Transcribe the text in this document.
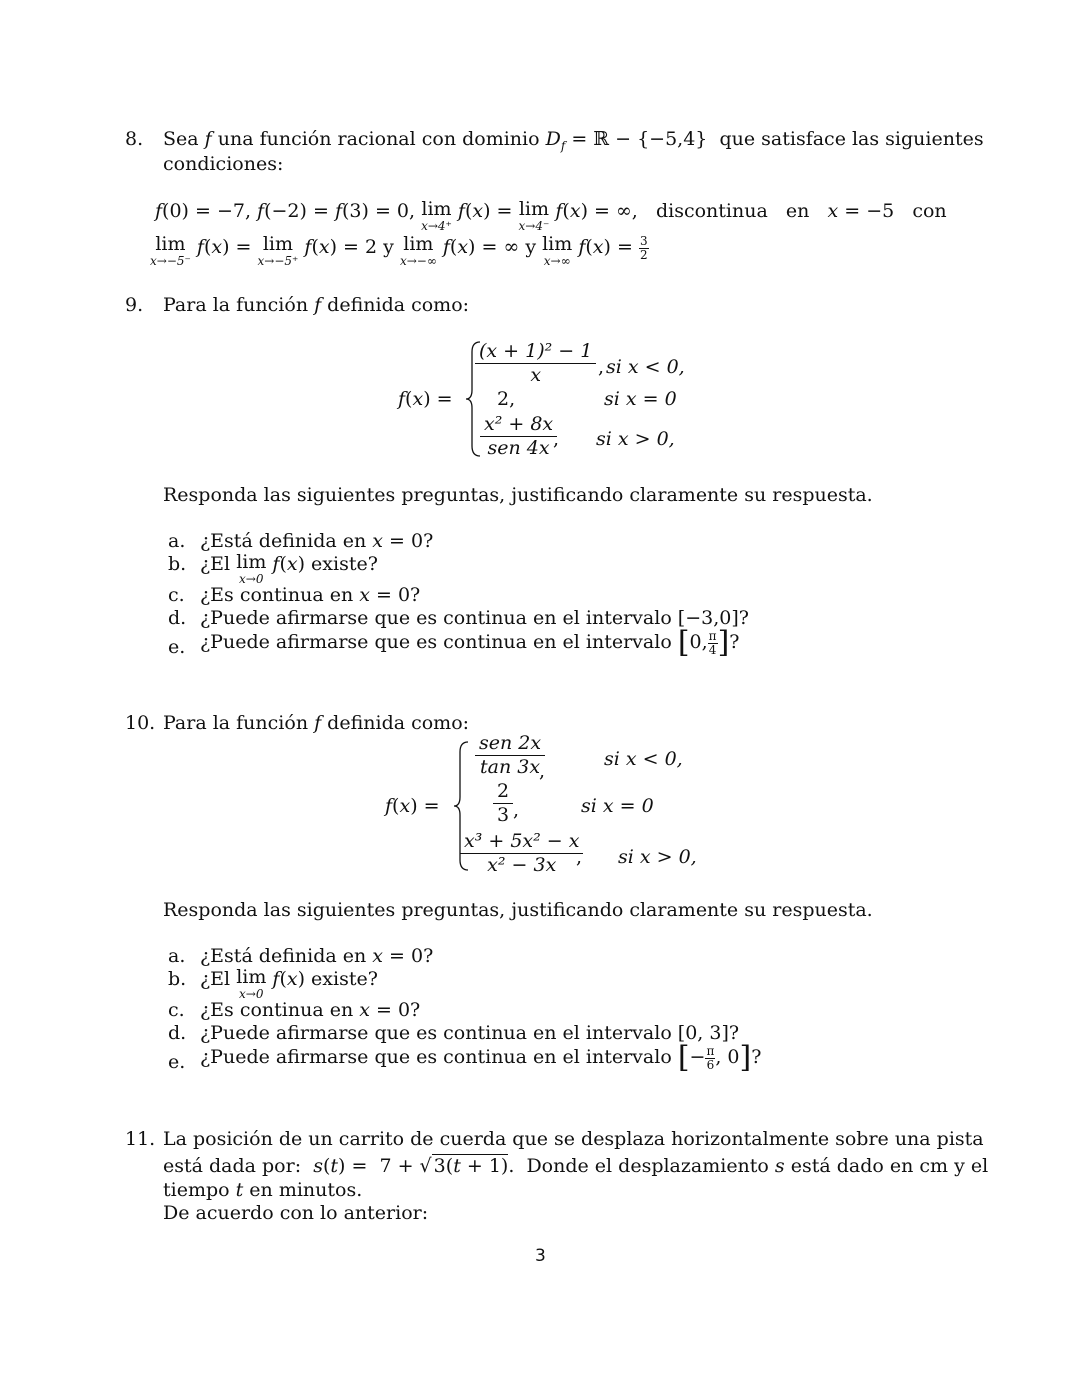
8. Sea f una función racional con dominio $D_f$ = ℝ − {−5,4}  que satisface las siguientes
condiciones:
f(0) = −7, f(−2) = f(3) = 0, lim
x→4⁺
f(x) = lim
x→4⁻
f(x) = ∞,   discontinua   en   x = −5   con
lim
x→−5⁻
f(x) = lim
x→−5⁺
f(x) = 2 y lim
x→−∞
f(x) = ∞ y lim
x→∞
$f(x) = \frac{3}{2}$
9. Para la función f definida como:
f(x) =
$\frac{\text{(x + 1)² − 1}}{x}$ , si x < 0,
2,	si x = 0
x² + 8x
sen 4x , si x > 0,
Responda las siguientes preguntas, justificando claramente su respuesta.
a. ¿Está definida en x = 0?
b. ¿El lim
x→0
f(x) existe?
c. ¿Es continua en x = 0?
d. ¿Puede afirmarse que es continua en el intervalo [−3,0]?
e. ¿Puede afirmarse que es continua en el intervalo [0, $\frac{\pi}{4}$ ]?
10. Para la función f definida como:
f(x) =
sen 2x
tan 3x
,
si x < 0,
$\frac{2}{3}$ ,	si x = 0
$\frac{\text{x³ + 5x² − x}}{\text{x² − 3x}}$
, si x > 0,
Responda las siguientes preguntas, justificando claramente su respuesta.
a. ¿Está definida en x = 0?
b. ¿El lim
x→0
f(x) existe?
c. ¿Es continua en x = 0?
d. ¿Puede afirmarse que es continua en el intervalo [0, 3]?
e. ¿Puede afirmarse que es continua en el intervalo [− $\frac{\pi}{6}$ , 0]?
11. La posición de un carrito de cuerda que se desplaza horizontalmente sobre una pista
está dada por:  s(t) =  7 + √ 3(t + 1).  Donde el desplazamiento s está dado en cm y el
tiempo t en minutos.
De acuerdo con lo anterior:
3
